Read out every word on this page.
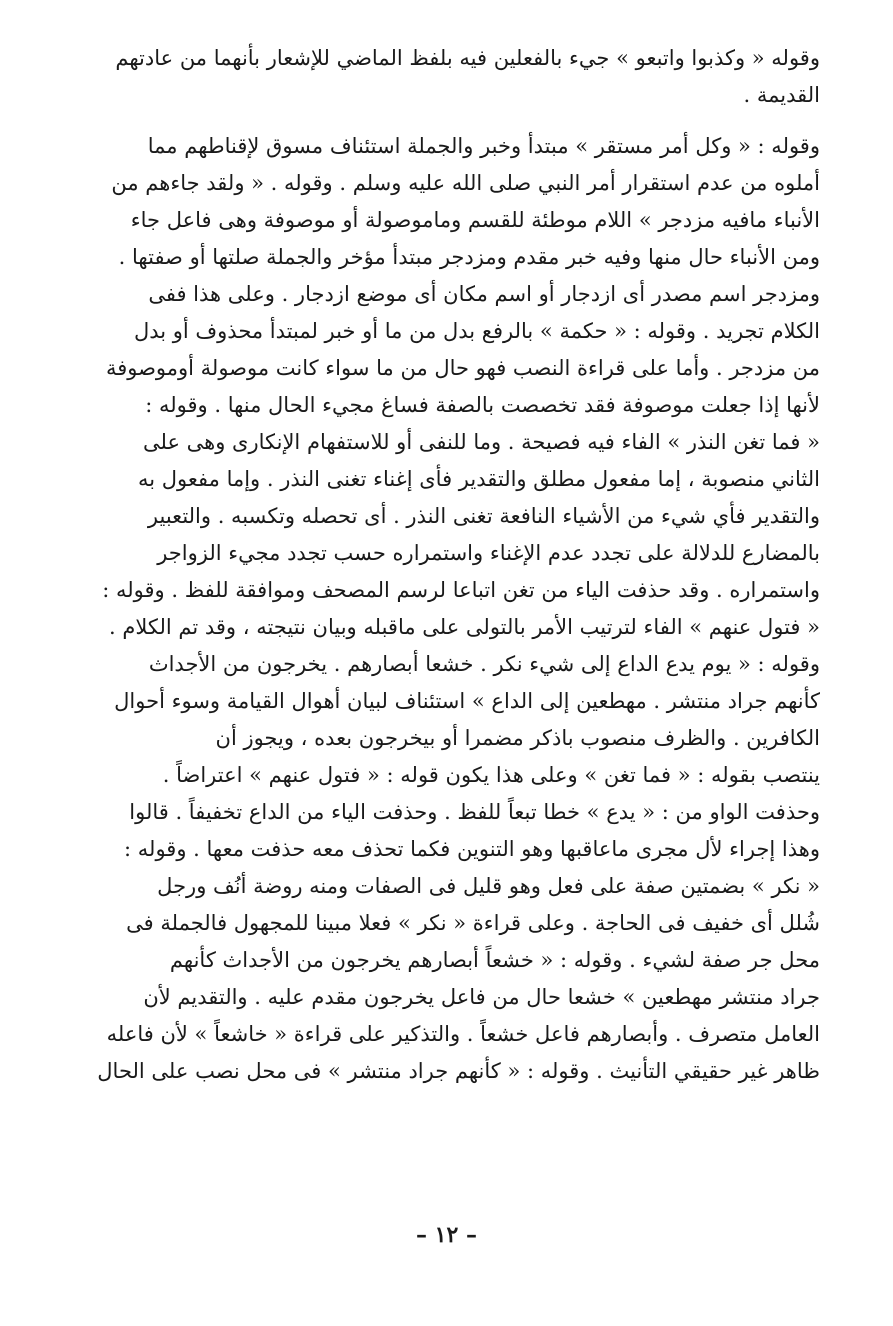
وقوله « وكذبوا واتبعو » جيء بالفعلين فيه بلفظ الماضي للإشعار بأنهما من عادتهم
القديمة .

وقوله : « وكل أمر مستقر » مبتدأ وخبر والجملة استئناف مسوق لإقناطهم مما
أملوه من عدم استقرار أمر النبي صلى الله عليه وسلم . وقوله . « ولقد جاءهم من
الأنباء مافيه مزدجر » اللام موطئة للقسم وماموصولة أو موصوفة وهى فاعل جاء
ومن الأنباء حال منها وفيه خبر مقدم ومزدجر مبتدأ مؤخر والجملة صلتها أو صفتها .
ومزدجر اسم مصدر أى ازدجار أو اسم مكان أى موضع ازدجار . وعلى هذا ففى
الكلام تجريد . وقوله : « حكمة » بالرفع بدل من ما أو خبر لمبتدأ محذوف أو بدل
من مزدجر . وأما على قراءة النصب فهو حال من ما سواء كانت موصولة أوموصوفة
لأنها إذا جعلت موصوفة فقد تخصصت بالصفة فساغ مجيء الحال منها . وقوله :
« فما تغن النذر » الفاء فيه فصيحة . وما للنفى أو للاستفهام الإنكارى وهى على
الثاني منصوبة ، إما مفعول مطلق والتقدير فأى إغناء تغنى النذر . وإما مفعول به
والتقدير فأي شيء من الأشياء النافعة تغنى النذر . أى تحصله وتكسبه . والتعبير
بالمضارع للدلالة على تجدد عدم الإغناء واستمراره حسب تجدد مجيء الزواجر
واستمراره . وقد حذفت الياء من تغن اتباعا لرسم المصحف وموافقة للفظ . وقوله :
« فتول عنهم » الفاء لترتيب الأمر بالتولى على ماقبله وبيان نتيجته ، وقد تم الكلام .
وقوله : « يوم يدع الداع إلى شيء نكر . خشعا أبصارهم . يخرجون من الأجداث
كأنهم جراد منتشر . مهطعين إلى الداع » استئناف لبيان أهوال القيامة وسوء أحوال
الكافرين . والظرف منصوب باذكر مضمرا أو بيخرجون بعده ، ويجوز أن
ينتصب بقوله : « فما تغن » وعلى هذا يكون قوله : « فتول عنهم » اعتراضاً .
وحذفت الواو من : « يدع » خطا تبعاً للفظ . وحذفت الياء من الداع تخفيفاً . قالوا
وهذا إجراء لأل مجرى ماعاقبها وهو التنوين فكما تحذف معه حذفت معها . وقوله :
« نكر » بضمتين صفة على فعل وهو قليل فى الصفات ومنه روضة أنُف ورجل
شُلل أى خفيف فى الحاجة . وعلى قراءة « نكر » فعلا مبينا للمجهول فالجملة فى
محل جر صفة لشيء . وقوله : « خشعاً أبصارهم يخرجون من الأجداث كأنهم
جراد منتشر مهطعين » خشعا حال من فاعل يخرجون مقدم عليه . والتقديم لأن
العامل متصرف . وأبصارهم فاعل خشعاً . والتذكير على قراءة « خاشعاً » لأن فاعله
ظاهر غير حقيقي التأنيث . وقوله : « كأنهم جراد منتشر » فى محل نصب على الحال

– ١٢ –
